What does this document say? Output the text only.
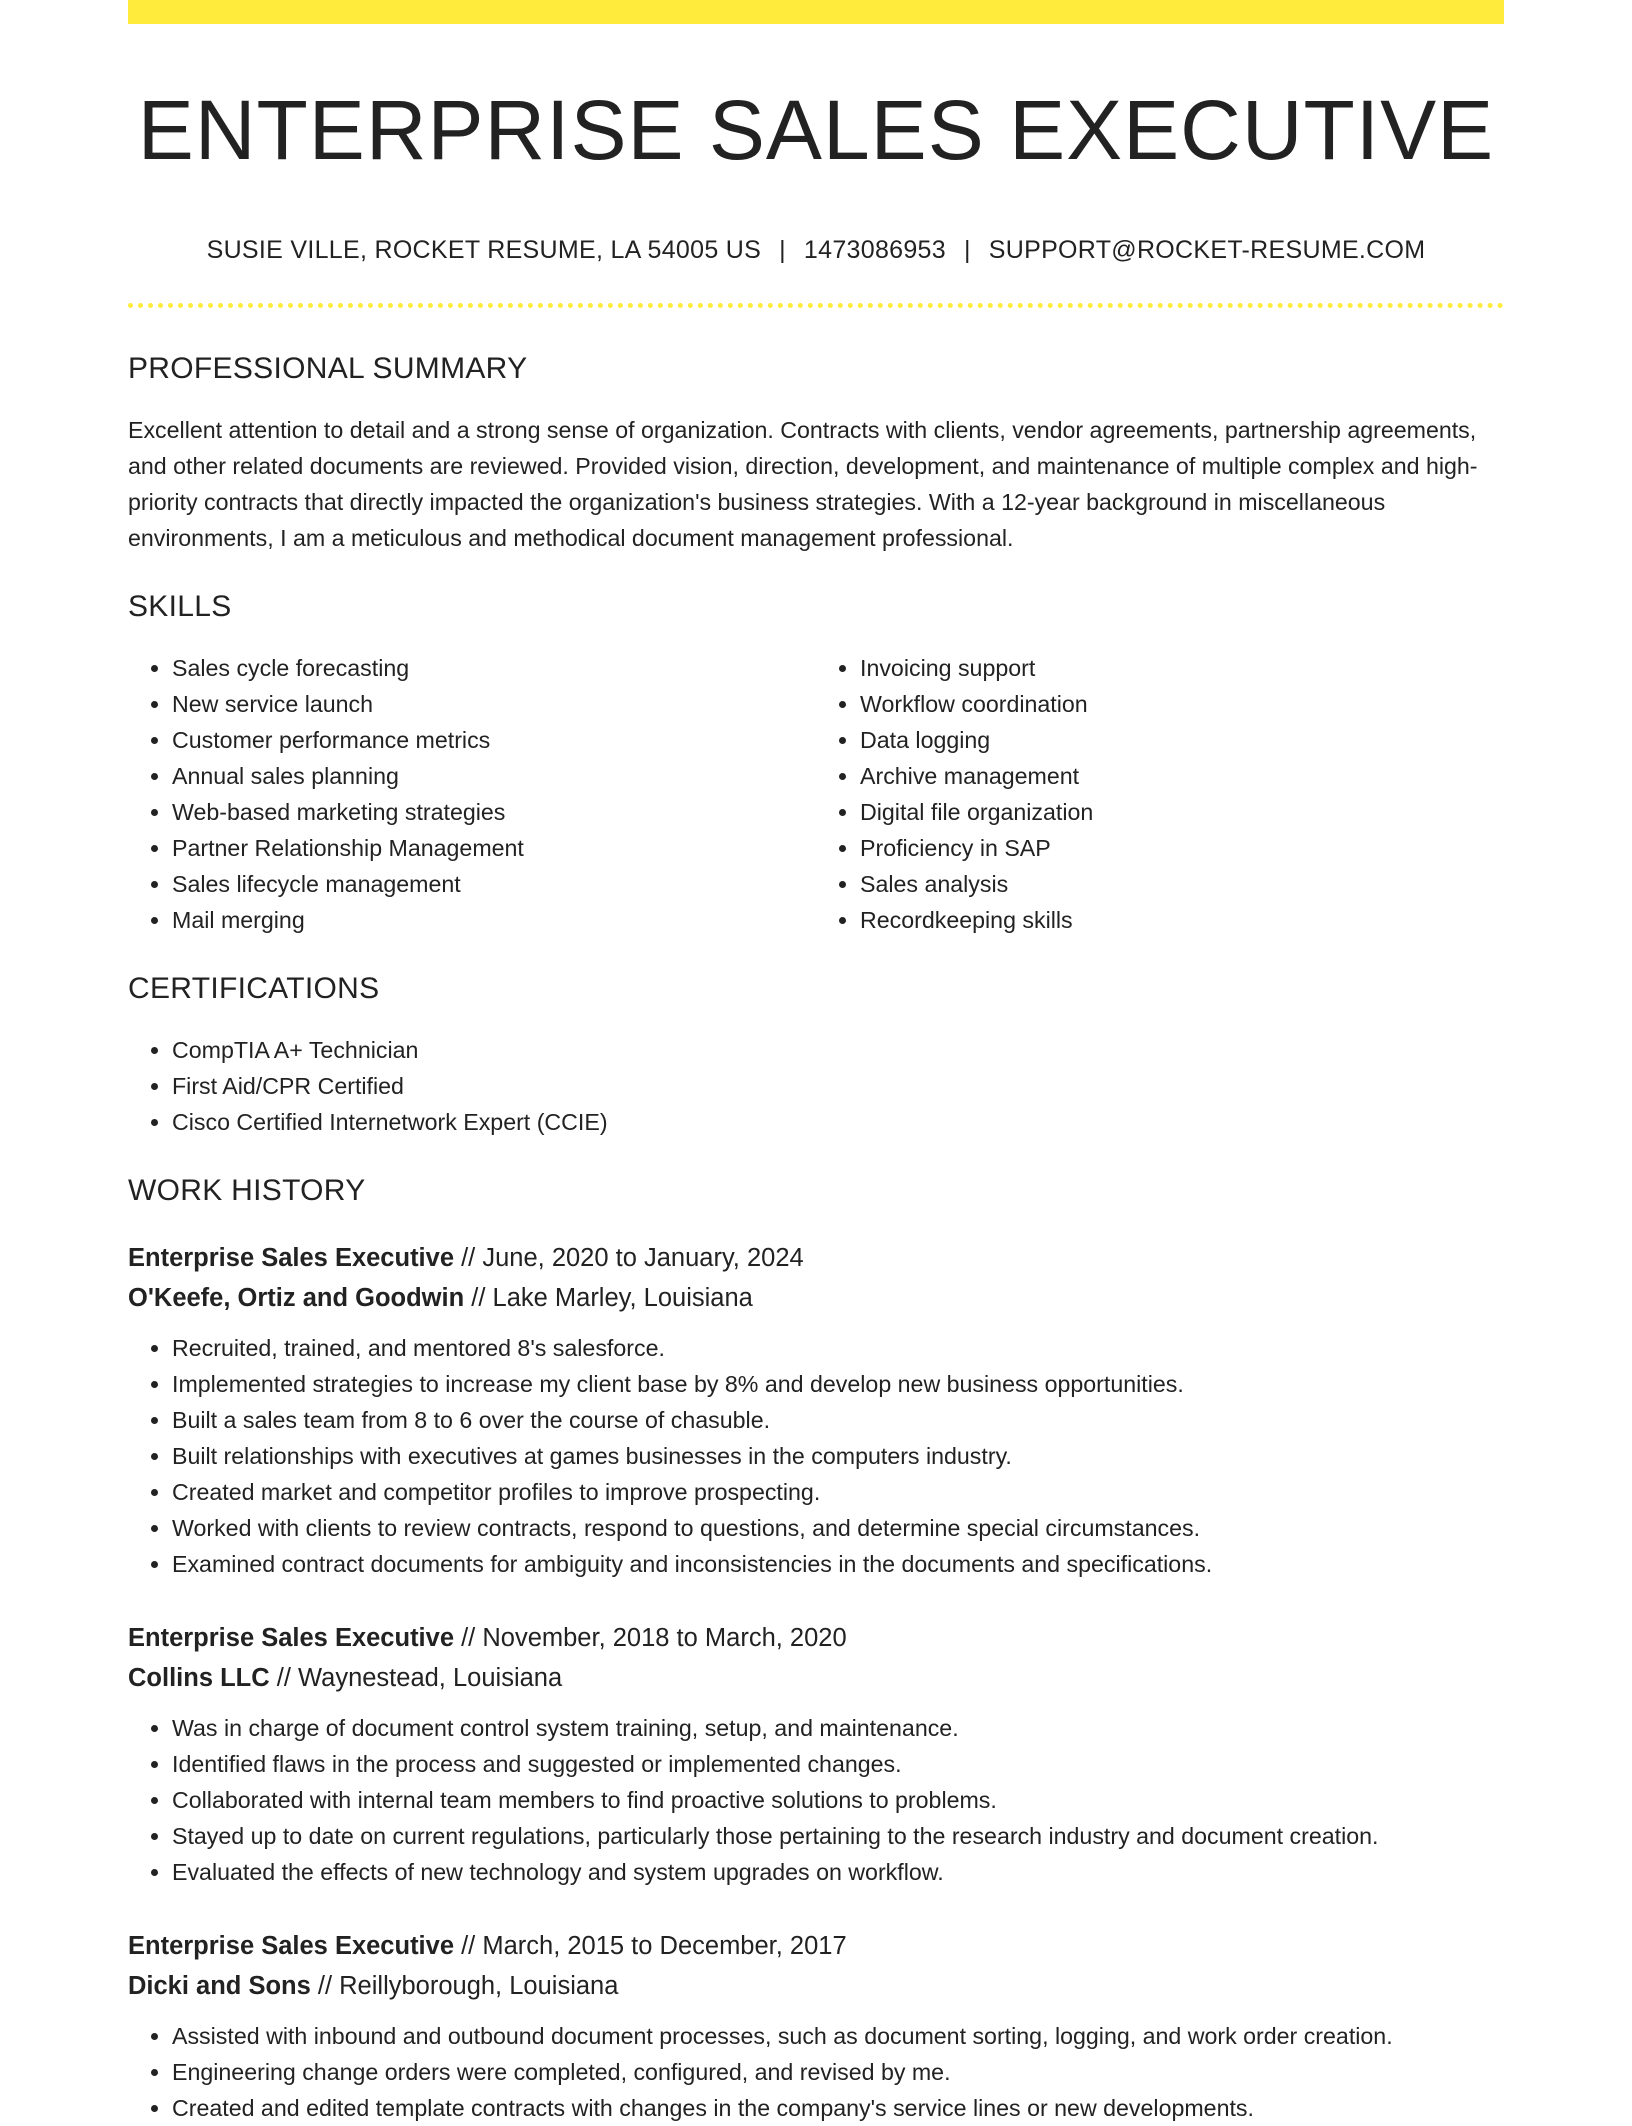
ENTERPRISE SALES EXECUTIVE
SUSIE VILLE, ROCKET RESUME, LA 54005 US | 1473086953 | SUPPORT@ROCKET-RESUME.COM
PROFESSIONAL SUMMARY
Excellent attention to detail and a strong sense of organization. Contracts with clients, vendor agreements, partnership agreements, and other related documents are reviewed. Provided vision, direction, development, and maintenance of multiple complex and high-priority contracts that directly impacted the organization's business strategies. With a 12-year background in miscellaneous environments, I am a meticulous and methodical document management professional.
SKILLS
• Sales cycle forecasting
• New service launch
• Customer performance metrics
• Annual sales planning
• Web-based marketing strategies
• Partner Relationship Management
• Sales lifecycle management
• Mail merging
• Invoicing support
• Workflow coordination
• Data logging
• Archive management
• Digital file organization
• Proficiency in SAP
• Sales analysis
• Recordkeeping skills
CERTIFICATIONS
• CompTIA A+ Technician
• First Aid/CPR Certified
• Cisco Certified Internetwork Expert (CCIE)
WORK HISTORY
Enterprise Sales Executive // June, 2020 to January, 2024
O'Keefe, Ortiz and Goodwin // Lake Marley, Louisiana
• Recruited, trained, and mentored 8's salesforce.
• Implemented strategies to increase my client base by 8% and develop new business opportunities.
• Built a sales team from 8 to 6 over the course of chasuble.
• Built relationships with executives at games businesses in the computers industry.
• Created market and competitor profiles to improve prospecting.
• Worked with clients to review contracts, respond to questions, and determine special circumstances.
• Examined contract documents for ambiguity and inconsistencies in the documents and specifications.
Enterprise Sales Executive // November, 2018 to March, 2020
Collins LLC // Waynestead, Louisiana
• Was in charge of document control system training, setup, and maintenance.
• Identified flaws in the process and suggested or implemented changes.
• Collaborated with internal team members to find proactive solutions to problems.
• Stayed up to date on current regulations, particularly those pertaining to the research industry and document creation.
• Evaluated the effects of new technology and system upgrades on workflow.
Enterprise Sales Executive // March, 2015 to December, 2017
Dicki and Sons // Reillyborough, Louisiana
• Assisted with inbound and outbound document processes, such as document sorting, logging, and work order creation.
• Engineering change orders were completed, configured, and revised by me.
• Created and edited template contracts with changes in the company's service lines or new developments.
